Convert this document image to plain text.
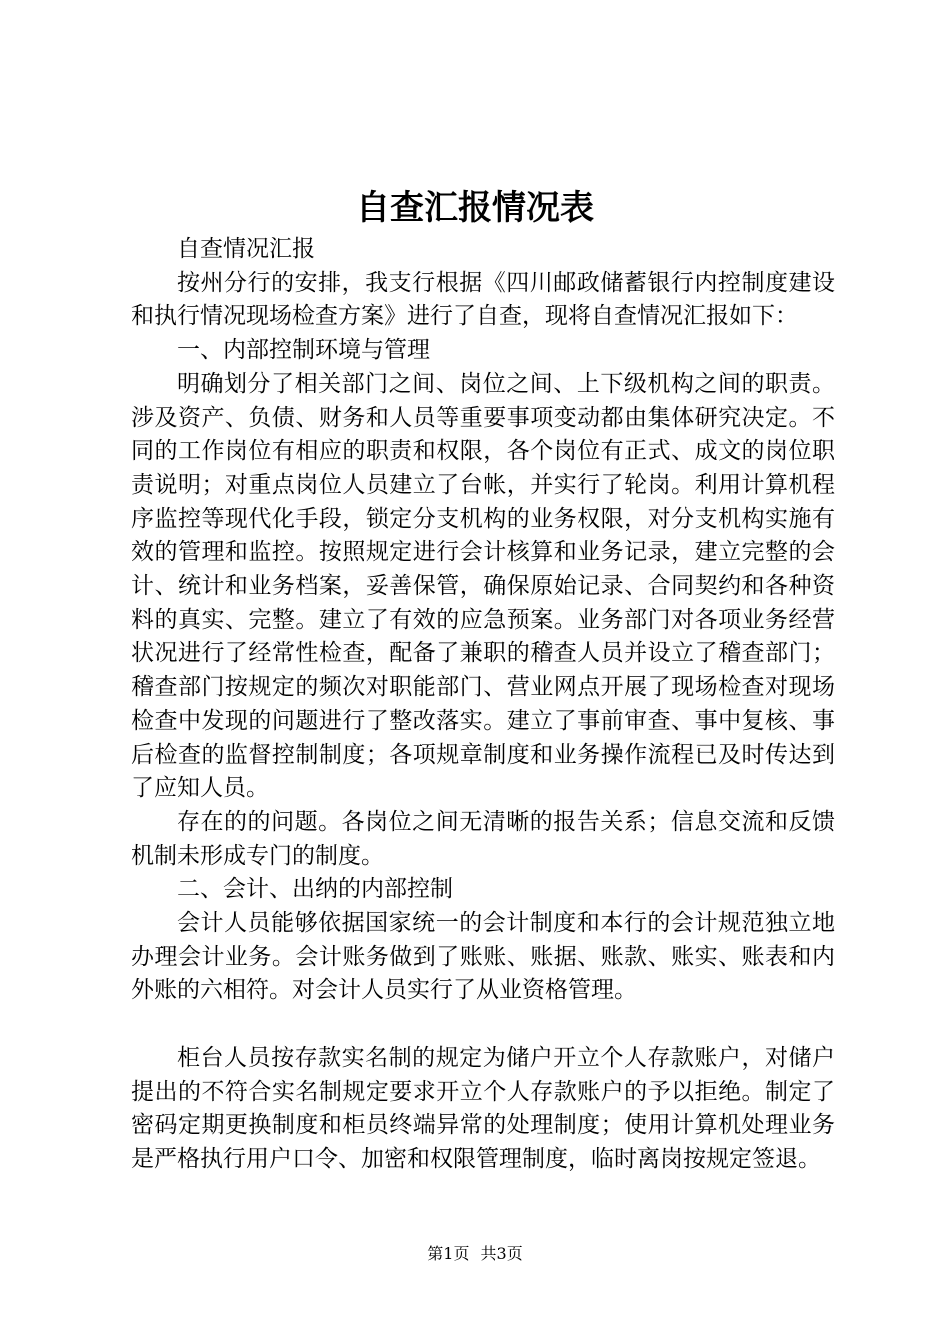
自查汇报情况表

自查情况汇报

按州分行的安排，我支行根据《四川邮政储蓄银行内控制度建设和执行情况现场检查方案》进行了自查，现将自查情况汇报如下：

一、内部控制环境与管理

明确划分了相关部门之间、岗位之间、上下级机构之间的职责。涉及资产、负债、财务和人员等重要事项变动都由集体研究决定。不同的工作岗位有相应的职责和权限，各个岗位有正式、成文的岗位职责说明；对重点岗位人员建立了台帐，并实行了轮岗。利用计算机程序监控等现代化手段，锁定分支机构的业务权限，对分支机构实施有效的管理和监控。按照规定进行会计核算和业务记录，建立完整的会计、统计和业务档案，妥善保管，确保原始记录、合同契约和各种资料的真实、完整。建立了有效的应急预案。业务部门对各项业务经营状况进行了经常性检查，配备了兼职的稽查人员并设立了稽查部门；稽查部门按规定的频次对职能部门、营业网点开展了现场检查对现场检查中发现的问题进行了整改落实。建立了事前审查、事中复核、事后检查的监督控制制度；各项规章制度和业务操作流程已及时传达到了应知人员。

存在的的问题。各岗位之间无清晰的报告关系；信息交流和反馈机制未形成专门的制度。

二、会计、出纳的内部控制

会计人员能够依据国家统一的会计制度和本行的会计规范独立地办理会计业务。会计账务做到了账账、账据、账款、账实、账表和内外账的六相符。对会计人员实行了从业资格管理。

柜台人员按存款实名制的规定为储户开立个人存款账户，对储户提出的不符合实名制规定要求开立个人存款账户的予以拒绝。制定了密码定期更换制度和柜员终端异常的处理制度；使用计算机处理业务是严格执行用户口令、加密和权限管理制度，临时离岗按规定签退。

第1页 共3页
